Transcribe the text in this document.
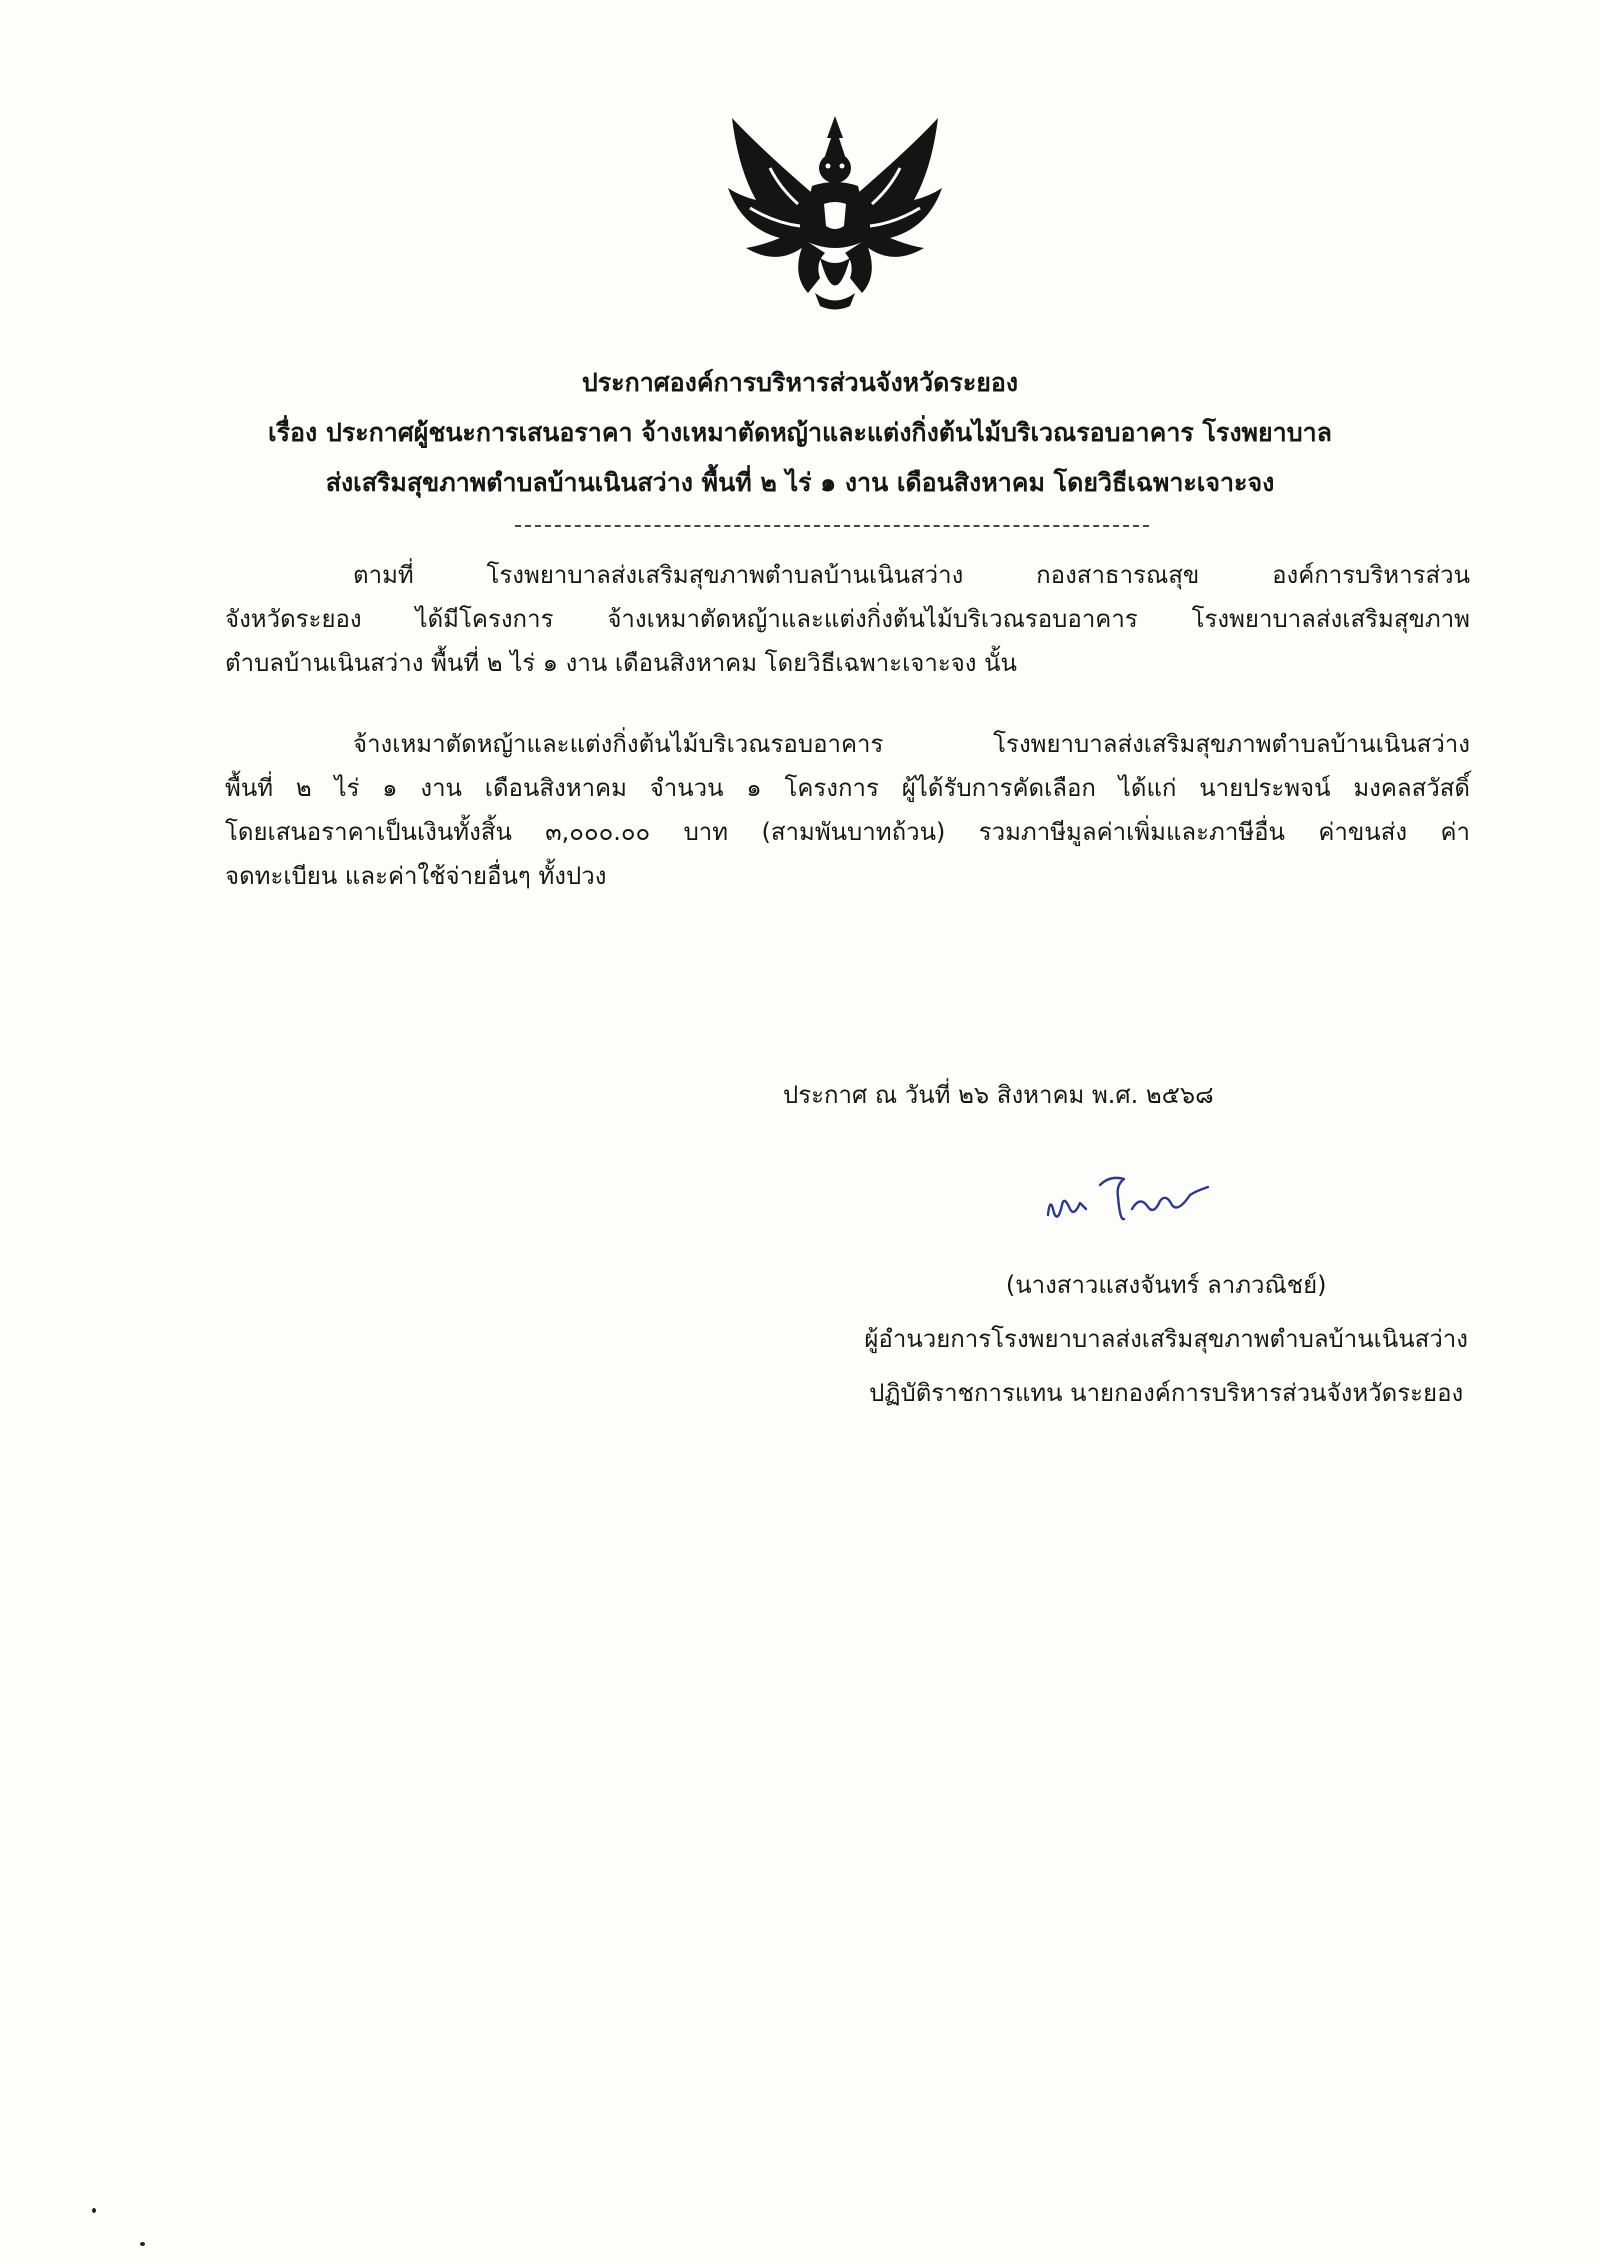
ประกาศองค์การบริหารส่วนจังหวัดระยอง
เรื่อง ประกาศผู้ชนะการเสนอราคา จ้างเหมาตัดหญ้าและแต่งกิ่งต้นไม้บริเวณรอบอาคาร โรงพยาบาล
ส่งเสริมสุขภาพตำบลบ้านเนินสว่าง พื้นที่ ๒ ไร่ ๑ งาน เดือนสิงหาคม โดยวิธีเฉพาะเจาะจง
ตามที่ โรงพยาบาลส่งเสริมสุขภาพตำบลบ้านเนินสว่าง กองสาธารณสุข องค์การบริหารส่วน
จังหวัดระยอง ได้มีโครงการ จ้างเหมาตัดหญ้าและแต่งกิ่งต้นไม้บริเวณรอบอาคาร โรงพยาบาลส่งเสริมสุขภาพ
ตำบลบ้านเนินสว่าง พื้นที่ ๒ ไร่ ๑ งาน เดือนสิงหาคม โดยวิธีเฉพาะเจาะจง นั้น
จ้างเหมาตัดหญ้าและแต่งกิ่งต้นไม้บริเวณรอบอาคาร โรงพยาบาลส่งเสริมสุขภาพตำบลบ้านเนินสว่าง
พื้นที่ ๒ ไร่ ๑ งาน เดือนสิงหาคม จำนวน ๑ โครงการ ผู้ได้รับการคัดเลือก ได้แก่ นายประพจน์ มงคลสวัสดิ์
โดยเสนอราคาเป็นเงินทั้งสิ้น ๓,๐๐๐.๐๐ บาท (สามพันบาทถ้วน) รวมภาษีมูลค่าเพิ่มและภาษีอื่น ค่าขนส่ง ค่า
จดทะเบียน และค่าใช้จ่ายอื่นๆ ทั้งปวง
ประกาศ ณ วันที่ ๒๖ สิงหาคม พ.ศ. ๒๕๖๘
(นางสาวแสงจันทร์ ลาภวณิชย์)
ผู้อำนวยการโรงพยาบาลส่งเสริมสุขภาพตำบลบ้านเนินสว่าง
ปฏิบัติราชการแทน นายกองค์การบริหารส่วนจังหวัดระยอง
